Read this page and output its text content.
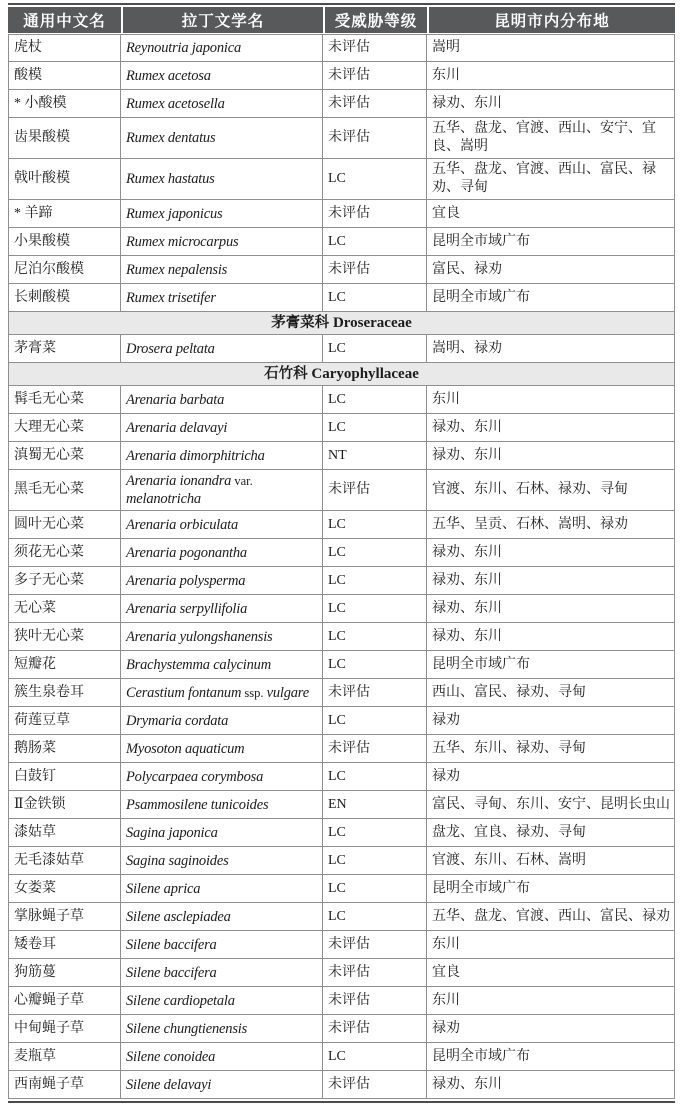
通用中文名	拉丁文学名	受威胁等级	昆明市内分布地
虎杖	Reynoutria japonica	未评估	嵩明
酸模	Rumex acetosa	未评估	东川
* 小酸模	Rumex acetosella	未评估	禄劝、东川
齿果酸模	Rumex dentatus	未评估	五华、盘龙、官渡、西山、安宁、宜良、嵩明
戟叶酸模	Rumex hastatus	LC	五华、盘龙、官渡、西山、富民、禄劝、寻甸
* 羊蹄	Rumex japonicus	未评估	宜良
小果酸模	Rumex microcarpus	LC	昆明全市域广布
尼泊尔酸模	Rumex nepalensis	未评估	富民、禄劝
长刺酸模	Rumex trisetifer	LC	昆明全市域广布
茅膏菜科 Droseraceae			
茅膏菜	Drosera peltata	LC	嵩明、禄劝
石竹科 Caryophyllaceae			
髯毛无心菜	Arenaria barbata	LC	东川
大理无心菜	Arenaria delavayi	LC	禄劝、东川
滇蜀无心菜	Arenaria dimorphitricha	NT	禄劝、东川
黑毛无心菜	Arenaria ionandra var. melanotricha	未评估	官渡、东川、石林、禄劝、寻甸
圆叶无心菜	Arenaria orbiculata	LC	五华、呈贡、石林、嵩明、禄劝
须花无心菜	Arenaria pogonantha	LC	禄劝、东川
多子无心菜	Arenaria polysperma	LC	禄劝、东川
无心菜	Arenaria serpyllifolia	LC	禄劝、东川
狭叶无心菜	Arenaria yulongshanensis	LC	禄劝、东川
短瓣花	Brachystemma calycinum	LC	昆明全市域广布
簇生泉卷耳	Cerastium fontanum ssp. vulgare	未评估	西山、富民、禄劝、寻甸
荷莲豆草	Drymaria cordata	LC	禄劝
鹅肠菜	Myosoton aquaticum	未评估	五华、东川、禄劝、寻甸
白鼓钉	Polycarpaea corymbosa	LC	禄劝
Ⅱ金铁锁	Psammosilene tunicoides	EN	富民、寻甸、东川、安宁、昆明长虫山
漆姑草	Sagina japonica	LC	盘龙、宜良、禄劝、寻甸
无毛漆姑草	Sagina saginoides	LC	官渡、东川、石林、嵩明
女娄菜	Silene aprica	LC	昆明全市域广布
掌脉蝇子草	Silene asclepiadea	LC	五华、盘龙、官渡、西山、富民、禄劝
矮卷耳	Silene baccifera	未评估	东川
狗筋蔓	Silene baccifera	未评估	宜良
心瓣蝇子草	Silene cardiopetala	未评估	东川
中甸蝇子草	Silene chungtienensis	未评估	禄劝
麦瓶草	Silene conoidea	LC	昆明全市域广布
西南蝇子草	Silene delavayi	未评估	禄劝、东川
